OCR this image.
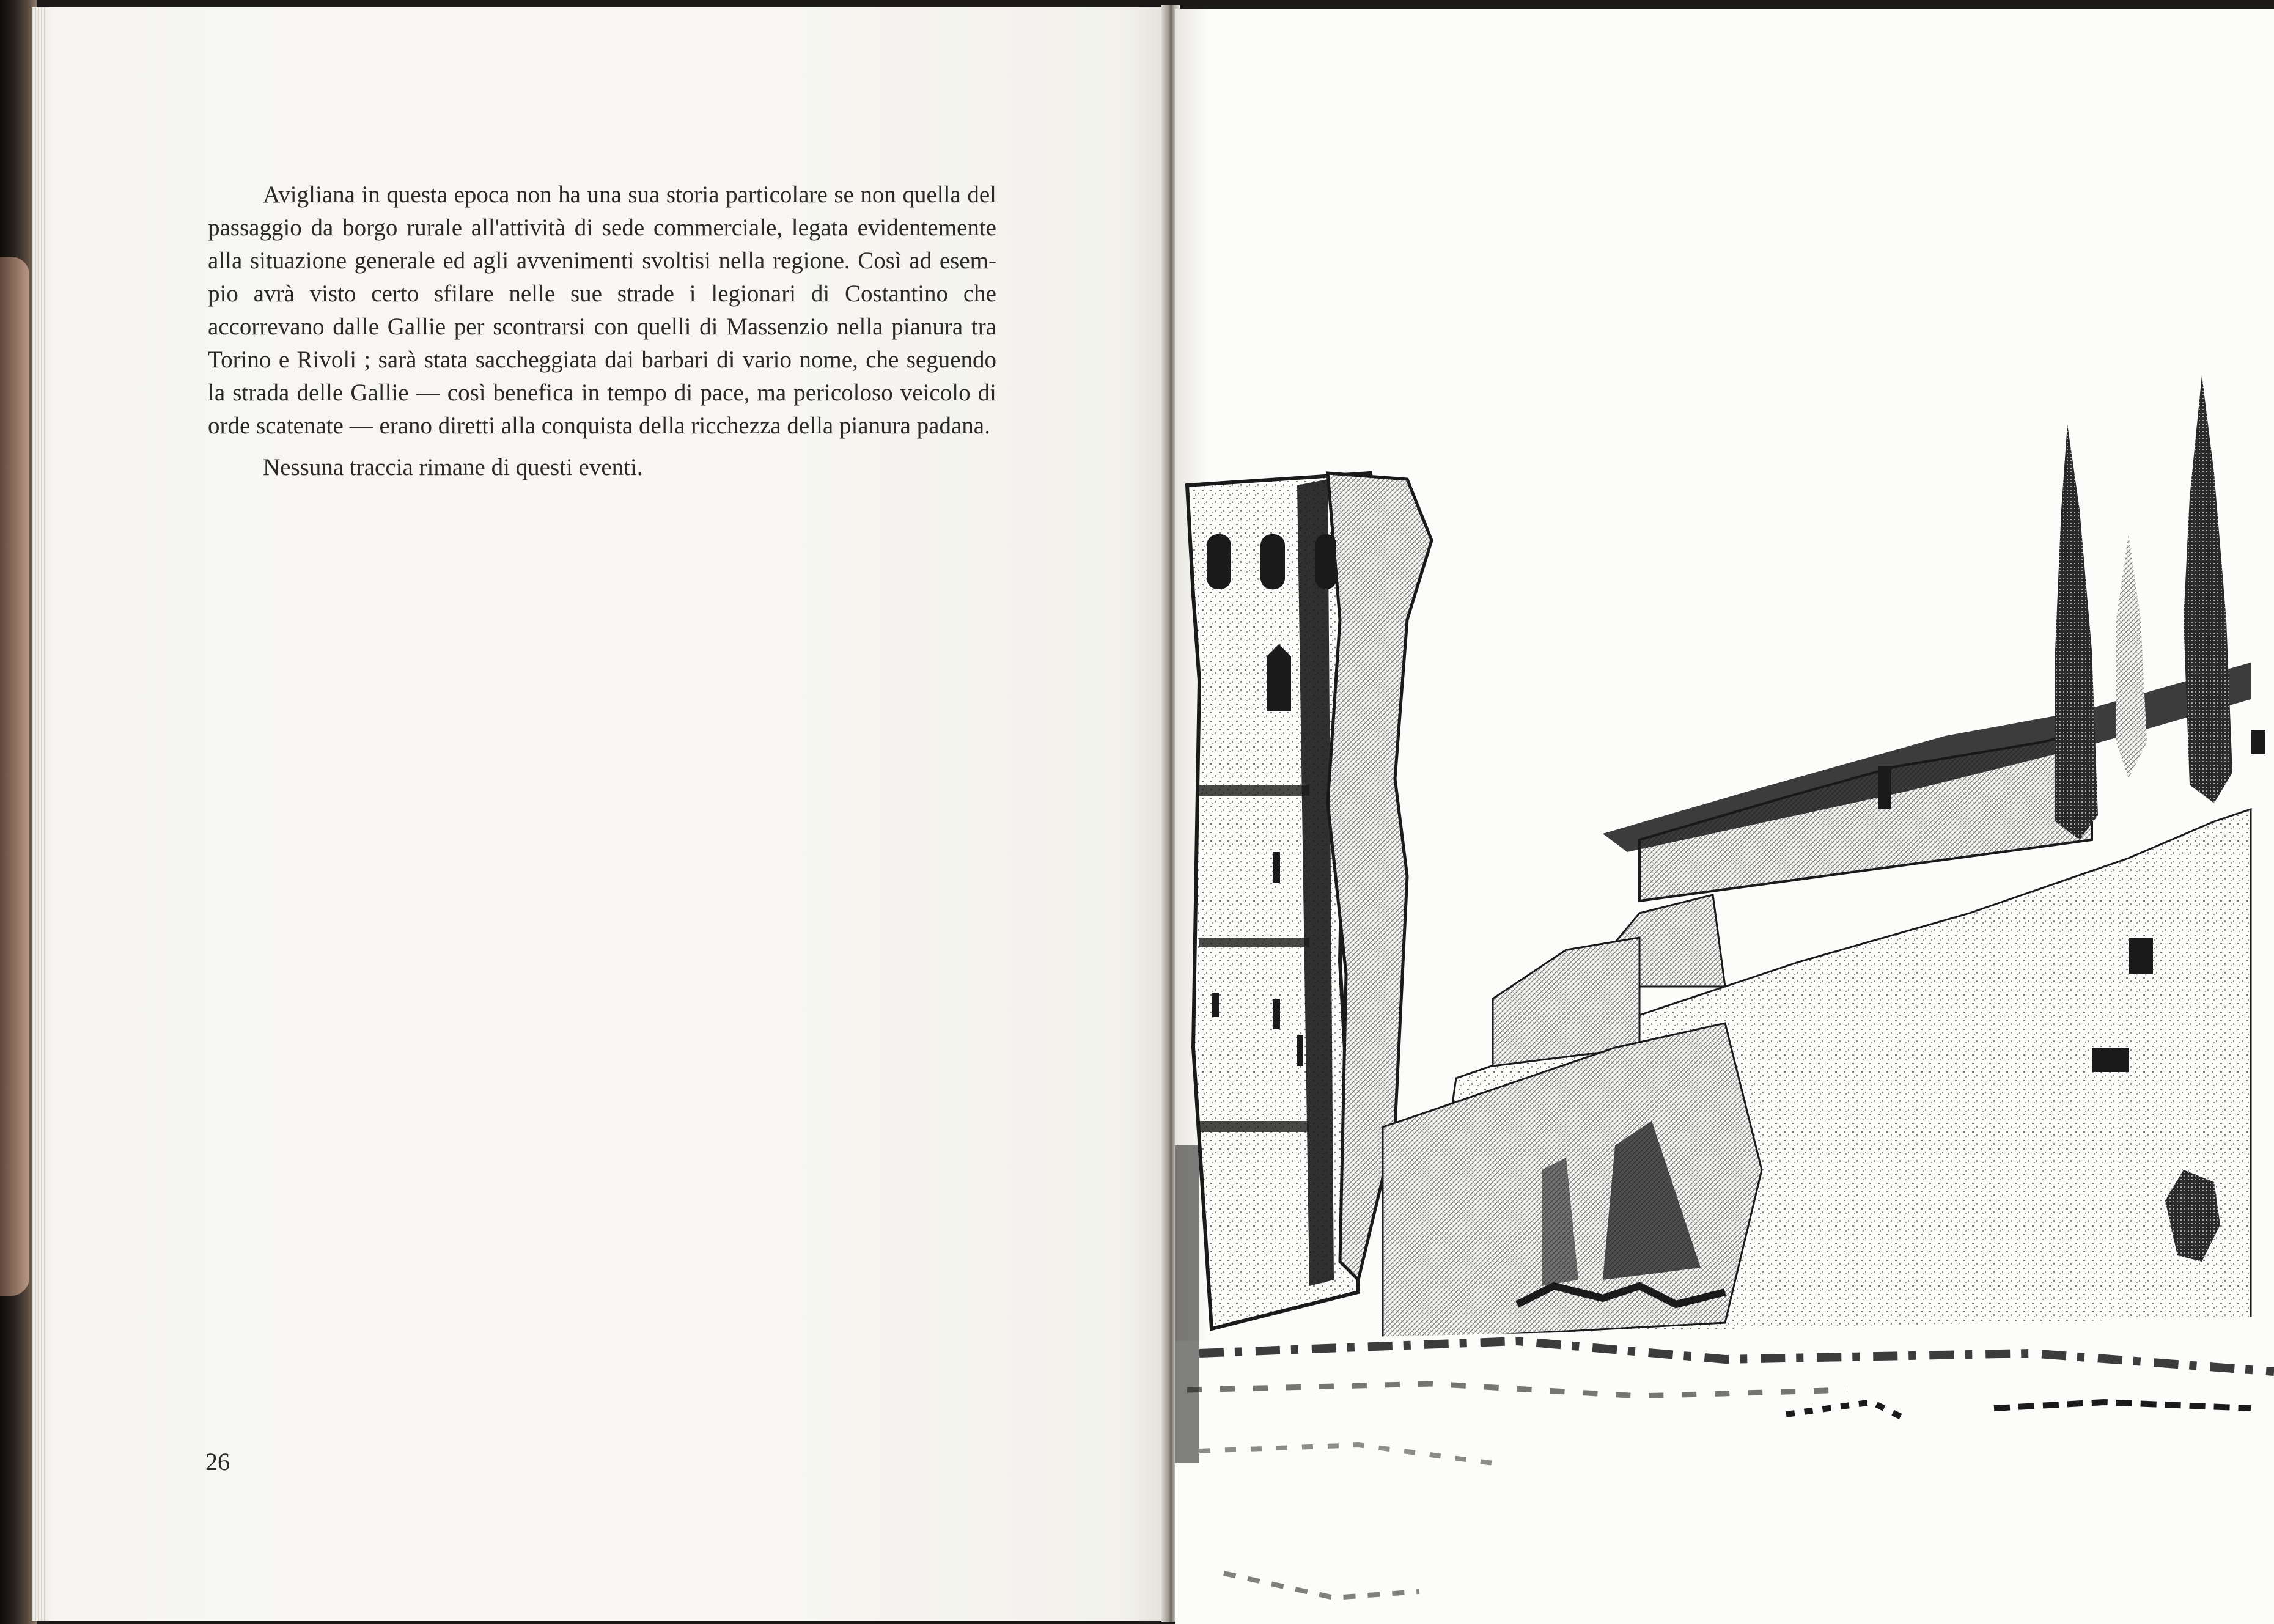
Avigliana in questa epoca non ha una sua storia particolare se non quella del passaggio da borgo rurale all'attività di sede commerciale, legata evidentemente alla situazione generale ed agli avvenimenti svoltisi nella regione. Così ad esempio avrà visto certo sfilare nelle sue strade i legionari di Costantino che accorrevano dalle Gallie per scontrarsi con quelli di Massenzio nella pianura tra Torino e Rivoli ; sarà stata saccheggiata dai barbari di vario nome, che seguendo la strada delle Gallie — così benefica in tempo di pace, ma pericoloso veicolo di orde scatenate — erano diretti alla conquista della ricchezza della pianura padana.

Nessuna traccia rimane di questi eventi.

26
